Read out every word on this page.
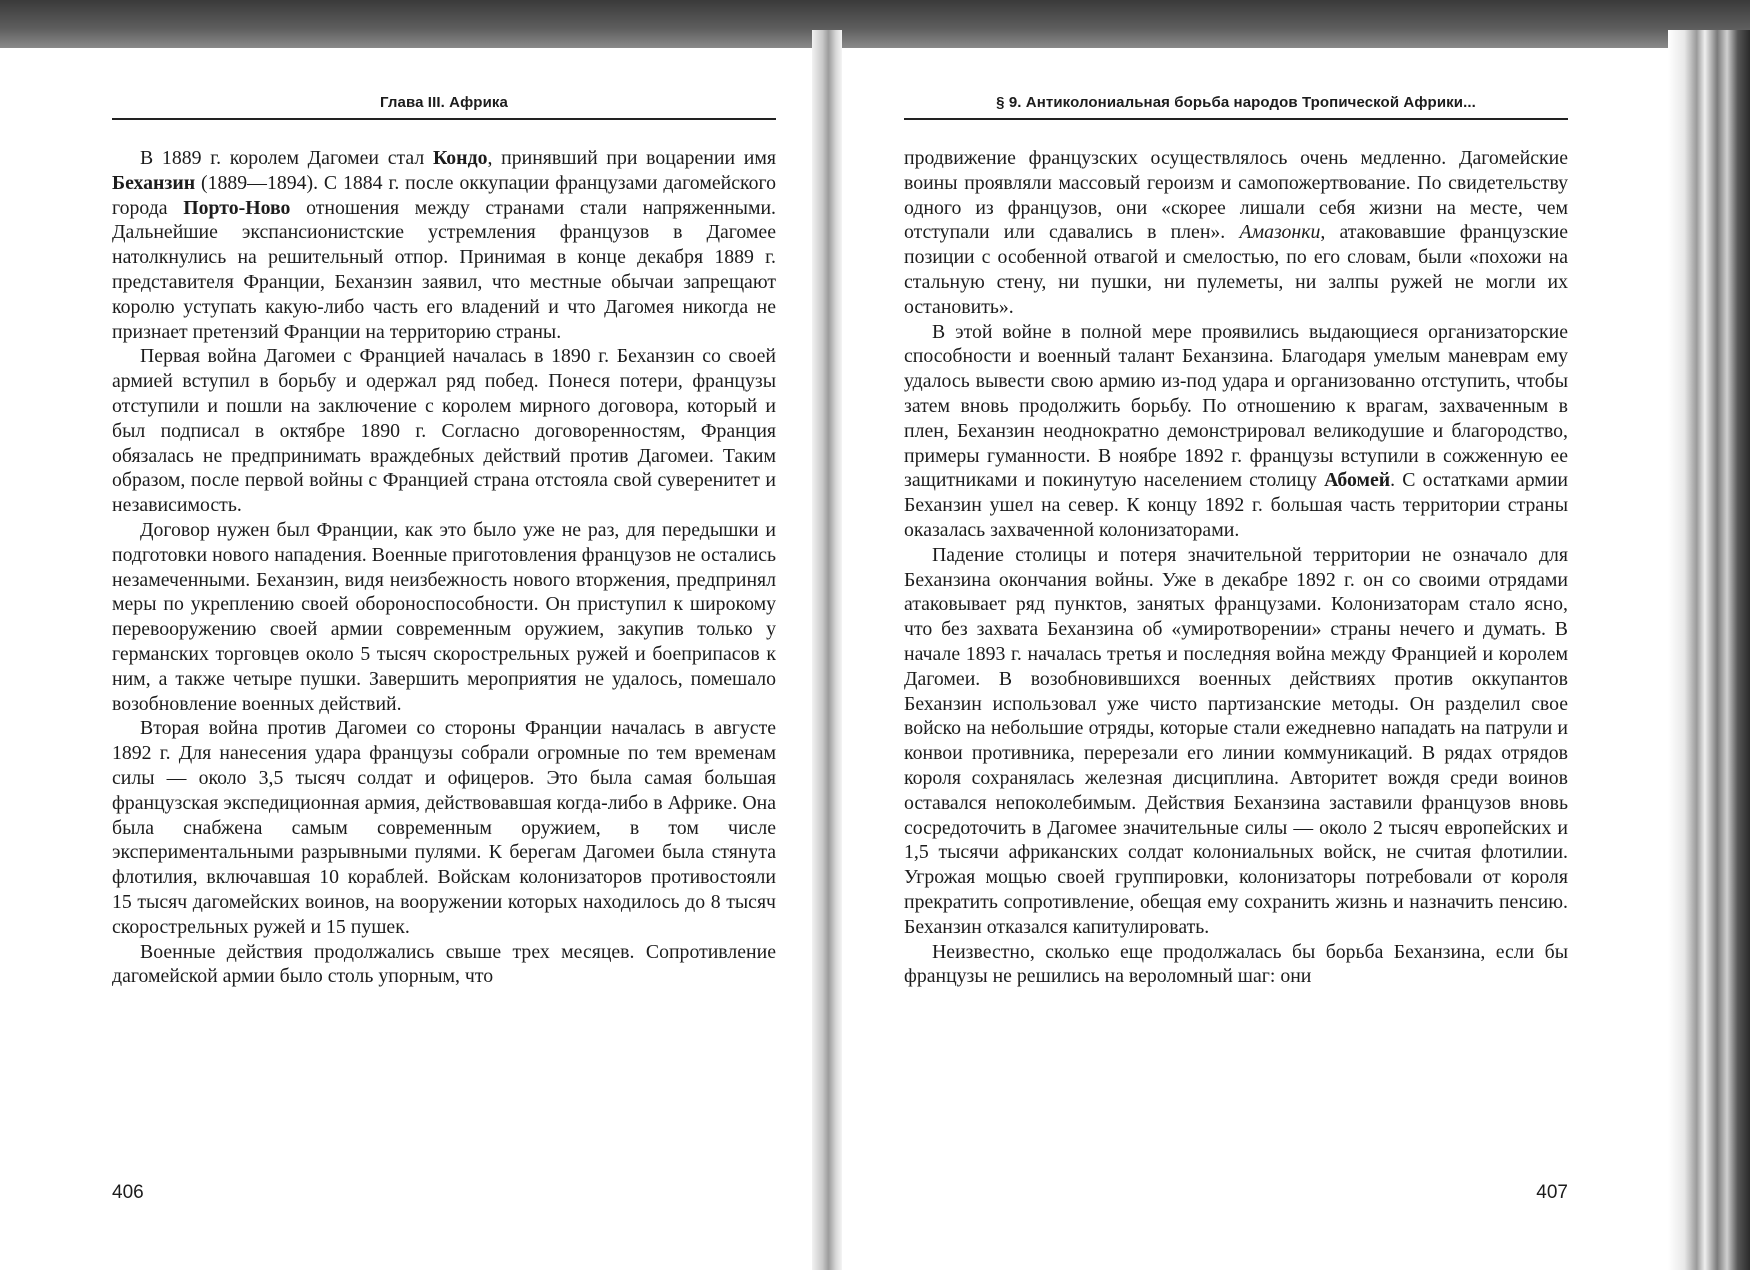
Глава III. Африка

В 1889 г. королем Дагомеи стал Кондо, принявший при воцарении имя Беханзин (1889—1894). С 1884 г. после оккупации французами дагомейского города Порто-Ново отношения между странами стали напряженными. Дальнейшие экспансионистские устремления французов в Дагомее натолкнулись на решительный отпор. Принимая в конце декабря 1889 г. представителя Франции, Беханзин заявил, что местные обычаи запрещают королю уступать какую-либо часть его владений и что Дагомея никогда не признает претензий Франции на территорию страны.

Первая война Дагомеи с Францией началась в 1890 г. Беханзин со своей армией вступил в борьбу и одержал ряд побед. Понеся потери, французы отступили и пошли на заключение с королем мирного договора, который и был подписал в октябре 1890 г. Согласно договоренностям, Франция обязалась не предпринимать враждебных действий против Дагомеи. Таким образом, после первой войны с Францией страна отстояла свой суверенитет и независимость.

Договор нужен был Франции, как это было уже не раз, для передышки и подготовки нового нападения. Военные приготовления французов не остались незамеченными. Беханзин, видя неизбежность нового вторжения, предпринял меры по укреплению своей обороноспособности. Он приступил к широкому перевооружению своей армии современным оружием, закупив только у германских торговцев около 5 тысяч скорострельных ружей и боеприпасов к ним, а также четыре пушки. Завершить мероприятия не удалось, помешало возобновление военных действий.

Вторая война против Дагомеи со стороны Франции началась в августе 1892 г. Для нанесения удара французы собрали огромные по тем временам силы — около 3,5 тысяч солдат и офицеров. Это была самая большая французская экспедиционная армия, действовавшая когда-либо в Африке. Она была снабжена самым современным оружием, в том числе экспериментальными разрывными пулями. К берегам Дагомеи была стянута флотилия, включавшая 10 кораблей. Войскам колонизаторов противостояли 15 тысяч дагомейских воинов, на вооружении которых находилось до 8 тысяч скорострельных ружей и 15 пушек.

Военные действия продолжались свыше трех месяцев. Сопротивление дагомейской армии было столь упорным, что

406
§ 9. Антиколониальная борьба народов Тропической Африки...

продвижение французских осуществлялось очень медленно. Дагомейские воины проявляли массовый героизм и самопожертвование. По свидетельству одного из французов, они «скорее лишали себя жизни на месте, чем отступали или сдавались в плен». Амазонки, атаковавшие французские позиции с особенной отвагой и смелостью, по его словам, были «похожи на стальную стену, ни пушки, ни пулеметы, ни залпы ружей не могли их остановить».

В этой войне в полной мере проявились выдающиеся организаторские способности и военный талант Беханзина. Благодаря умелым маневрам ему удалось вывести свою армию из-под удара и организованно отступить, чтобы затем вновь продолжить борьбу. По отношению к врагам, захваченным в плен, Беханзин неоднократно демонстрировал великодушие и благородство, примеры гуманности. В ноябре 1892 г. французы вступили в сожженную ее защитниками и покинутую населением столицу Абомей. С остатками армии Беханзин ушел на север. К концу 1892 г. большая часть территории страны оказалась захваченной колонизаторами.

Падение столицы и потеря значительной территории не означало для Беханзина окончания войны. Уже в декабре 1892 г. он со своими отрядами атаковывает ряд пунктов, занятых французами. Колонизаторам стало ясно, что без захвата Беханзина об «умиротворении» страны нечего и думать. В начале 1893 г. началась третья и последняя война между Францией и королем Дагомеи. В возобновившихся военных действиях против оккупантов Беханзин использовал уже чисто партизанские методы. Он разделил свое войско на небольшие отряды, которые стали ежедневно нападать на патрули и конвои противника, перерезали его линии коммуникаций. В рядах отрядов короля сохранялась железная дисциплина. Авторитет вождя среди воинов оставался непоколебимым. Действия Беханзина заставили французов вновь сосредоточить в Дагомее значительные силы — около 2 тысяч европейских и 1,5 тысячи африканских солдат колониальных войск, не считая флотилии. Угрожая мощью своей группировки, колонизаторы потребовали от короля прекратить сопротивление, обещая ему сохранить жизнь и назначить пенсию. Беханзин отказался капитулировать.

Неизвестно, сколько еще продолжалась бы борьба Беханзина, если бы французы не решились на вероломный шаг: они

407
